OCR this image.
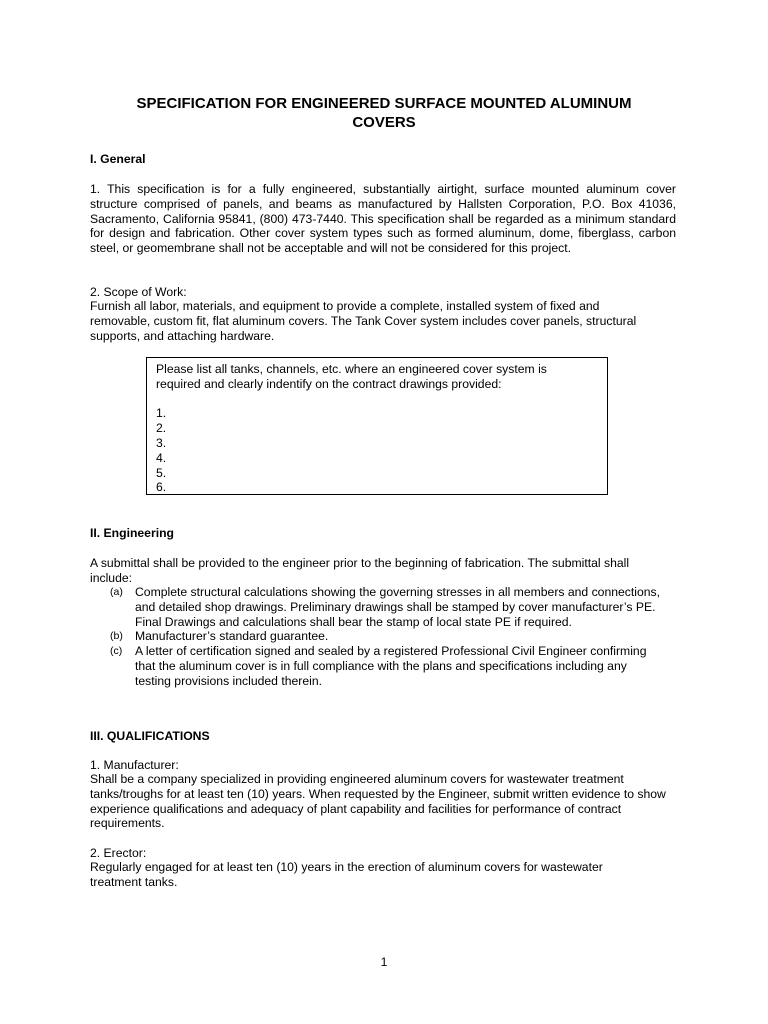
SPECIFICATION FOR ENGINEERED SURFACE MOUNTED ALUMINUM
COVERS
I. General

1. This specification is for a fully engineered, substantially airtight, surface mounted aluminum cover structure comprised of panels, and beams as manufactured by Hallsten Corporation, P.O. Box 41036, Sacramento, California 95841, (800) 473-7440. This specification shall be regarded as a minimum standard for design and fabrication. Other cover system types such as formed aluminum, dome, fiberglass, carbon steel, or geomembrane shall not be acceptable and will not be considered for this project.

2. Scope of Work:

Furnish all labor, materials, and equipment to provide a complete, installed system of fixed and removable, custom fit, flat aluminum covers. The Tank Cover system includes cover panels, structural supports, and attaching hardware.

Please list all tanks, channels, etc. where an engineered cover system is
required and clearly indentify on the contract drawings provided:
1.
2.
3.
4.
5.
6.
II. Engineering

A submittal shall be provided to the engineer prior to the beginning of fabrication. The submittal shall include:

(a) Complete structural calculations showing the governing stresses in all members and connections, and detailed shop drawings. Preliminary drawings shall be stamped by cover manufacturer’s PE. Final Drawings and calculations shall bear the stamp of local state PE if required.
(b) Manufacturer’s standard guarantee.
(c) A letter of certification signed and sealed by a registered Professional Civil Engineer confirming that the aluminum cover is in full compliance with the plans and specifications including any testing provisions included therein.
III. QUALIFICATIONS

1. Manufacturer:

Shall be a company specialized in providing engineered aluminum covers for wastewater treatment tanks/troughs for at least ten (10) years. When requested by the Engineer, submit written evidence to show experience qualifications and adequacy of plant capability and facilities for performance of contract requirements.

2. Erector:

Regularly engaged for at least ten (10) years in the erection of aluminum covers for wastewater treatment tanks.

1
